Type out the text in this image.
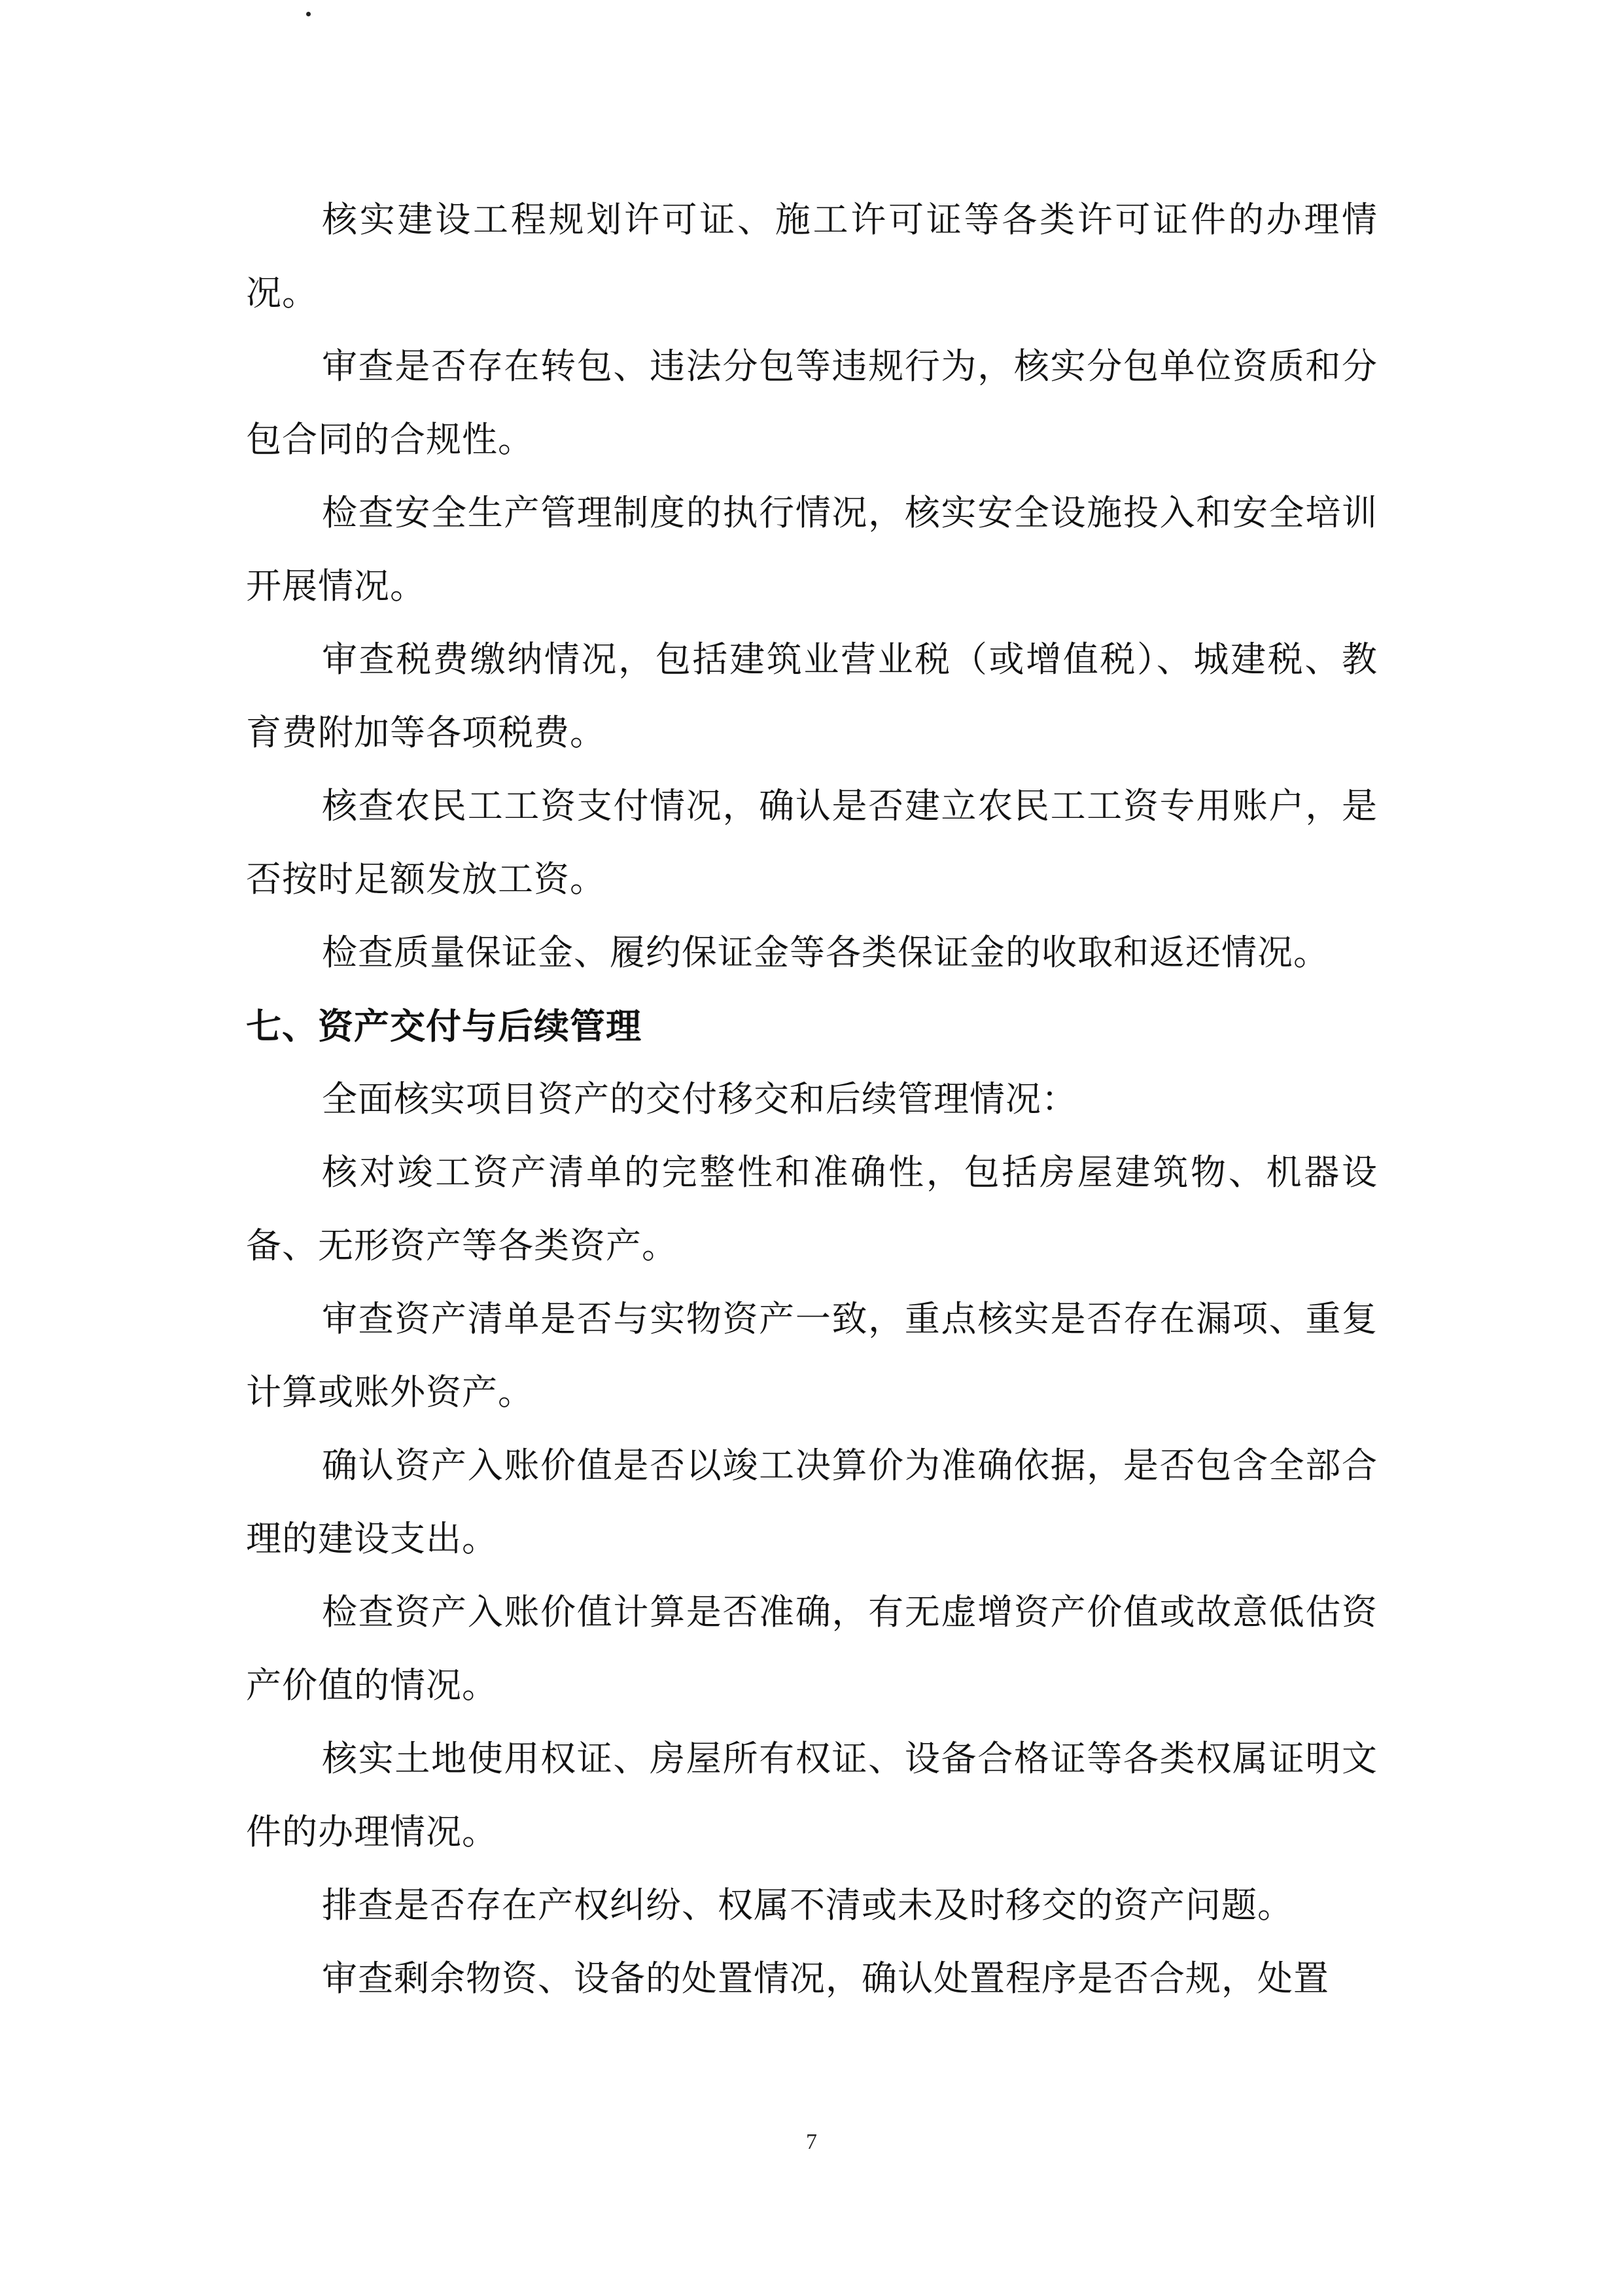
核实建设工程规划许可证、施工许可证等各类许可证件的办理情况。

审查是否存在转包、违法分包等违规行为，核实分包单位资质和分包合同的合规性。

检查安全生产管理制度的执行情况，核实安全设施投入和安全培训开展情况。

审查税费缴纳情况，包括建筑业营业税（或增值税）、城建税、教育费附加等各项税费。

核查农民工工资支付情况，确认是否建立农民工工资专用账户，是否按时足额发放工资。

检查质量保证金、履约保证金等各类保证金的收取和返还情况。

七、资产交付与后续管理

全面核实项目资产的交付移交和后续管理情况：

核对竣工资产清单的完整性和准确性，包括房屋建筑物、机器设备、无形资产等各类资产。

审查资产清单是否与实物资产一致，重点核实是否存在漏项、重复计算或账外资产。

确认资产入账价值是否以竣工决算价为准确依据，是否包含全部合理的建设支出。

检查资产入账价值计算是否准确，有无虚增资产价值或故意低估资产价值的情况。

核实土地使用权证、房屋所有权证、设备合格证等各类权属证明文件的办理情况。

排查是否存在产权纠纷、权属不清或未及时移交的资产问题。

审查剩余物资、设备的处置情况，确认处置程序是否合规，处置

7
